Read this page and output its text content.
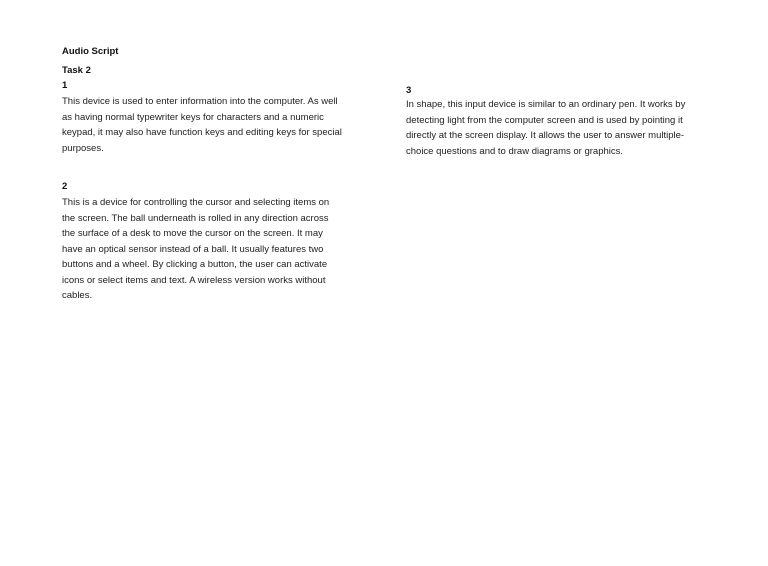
Audio Script

Task 2

1

This device is used to enter information into the computer. As well as having normal typewriter keys for characters and a numeric keypad, it may also have function keys and editing keys for special purposes.

2

This is a device for controlling the cursor and selecting items on the screen. The ball underneath is rolled in any direction across the surface of a desk to move the cursor on the screen. It may have an optical sensor instead of a ball. It usually features two buttons and a wheel. By clicking a button, the user can activate icons or select items and text. A wireless version works without cables.

3

In shape, this input device is similar to an ordinary pen. It works by detecting light from the computer screen and is used by pointing it directly at the screen display. It allows the user to answer multiple-choice questions and to draw diagrams or graphics.
